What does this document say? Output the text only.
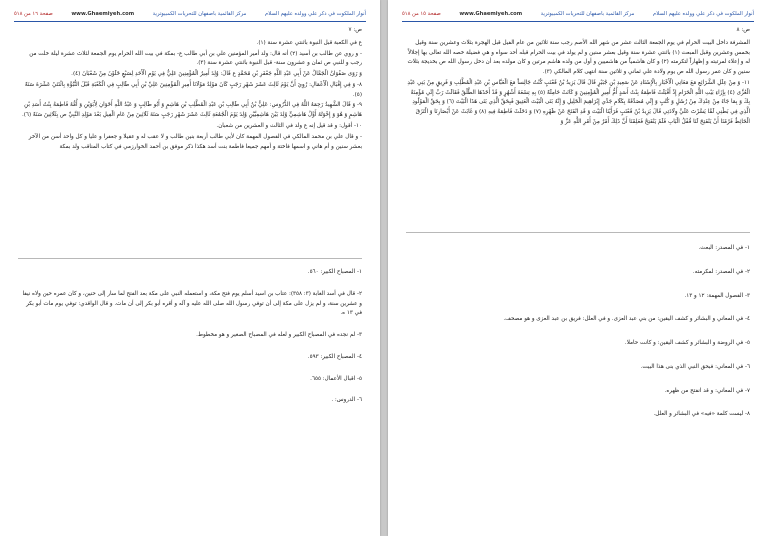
صفحة ١٦ من ٥١٨	www.Ghaemiyeh.com	مركز القائمية باصفهان للتحريات الكمبيوترية	أنوار الملكوت في ذكر علي وولده عليهم السلام

ص: ٧

ع في الكعبة قبل النبوة باثنتي عشرة سنة (١).

- و روي عن طالب بن أسيد (٢) أنه قال: ولد أمير المؤمنين علي بن أبي طالب ع- بمكة في بيت الله الحرام يوم الجمعة لثلاث عشرة ليلة خلت من رجب و للنبي ص ثمان و عشرون سنة- قبل النبوة باثنتي عشرة سنة (٣).

وَ رَوَى صَفْوَانُ الْجَمَّالُ عَنْ أَبِي عَبْدِ اللَّهِ جَعْفَرِ بْنِ مُحَمَّدٍ ع قَالَ: وُلِدَ أَمِيرُ الْمُؤْمِنِينَ عَلِيٌّ فِي يَوْمِ الْأَحَدِ لِسَبْعٍ خَلَوْنَ مِنْ شَعْبَانَ (٤).

٨- وَ فِي إِقْبَالِ الْأَعْمَالِ: رُوِيَ أَنَّ يَوْمَ ثَالِثَ عَشَرَ شَهْرِ رَجَبٍ كَانَ مَوْلِدُ مَوْلَانَا أَمِيرِ الْمُؤْمِنِينَ عَلِيِّ بْنِ أَبِي طَالِبٍ فِي الْكَعْبَةِ قَبْلَ النُّبُوَّةِ بِاثْنَتَيْ عَشْرَةَ سَنَةً (٥).

٩- وَ قَالَ الشَّهِيدُ رَحِمَهُ اللَّهُ فِي الدُّرُوسِ: عَلِيُّ بْنُ أَبِي طَالِبِ بْنِ عَبْدِ الْمُطَّلِبِ بْنِ هَاشِمٍ وَ أَبُو طَالِبٍ وَ عَبْدُ اللَّهِ أَخَوَانِ لِأَبَوَيْنِ وَ أُمُّهُ فَاطِمَةُ بِنْتُ أَسَدِ بْنِ هَاشِمٍ وَ هُوَ وَ إِخْوَتُهُ أَوَّلُ هَاشِمِيٍّ وُلِدَ بَيْنَ هَاشِمِيَّيْنِ وُلِدَ يَوْمَ الْجُمُعَةِ ثَالِثَ عَشَرَ شَهْرِ رَجَبٍ سَنَةَ ثَلَاثِينَ مِنْ عَامِ الْفِيلِ بَعْدَ مَوْلِدِ النَّبِيِّ ص بِثَلَاثِينَ سَنَةً (٦).

١٠- أقول: و قد قيل إنه ع ولد في الثالث و العشرين من شعبان.

- و قال علي بن محمد المالكي في الفصول المهمة كان لأبي طالب أربعة بنين طالب و لا عقب له و عقيلا و جعفرا و عليا و كل واحد أسن من الآخر بعشر سنين و أم هاني و اسمها فاختة و أمهم جميعا فاطمة بنت أسد هكذا ذكر موفق بن أحمد الخوارزمي في كتاب المناقب ولد بمكة

١- المصباح الكبير: ٥٦٠.

٢- قال في أسد الغابة (٣: ٣٥٨): عتاب بن اسيد أسلم يوم فتح مكة، و استعمله النبي على مكة بعد الفتح لما سار إلى حنين، و كان عمره حين ولاه نيفا و عشرين سنة، و لم يزل على مكة إلى أن توفي رسول الله صلى الله عليه و آله و أقره أبو بكر إلى أن مات. و قال الواقدي: توفي يوم مات أبو بكر في ١٣ ه.

٣- لم نجده في المصباح الكبير و لعله في المصباح الصغير و هو مخطوط.

٤- المصباح الكبير: ٥٩٣.

٥- اقبال الأعمال: ٦٥٥.

٦- الدروس: .

صفحة ١٥ من ٥١٨	www.Ghaemiyeh.com	مركز القائمية باصفهان للتحريات الكمبيوترية	أنوار الملكوت في ذكر علي وولده عليهم السلام

ص: ٨

المشرفة داخل البيت الحرام في يوم الجمعة الثالث عشر من شهر الله الأصم رجب سنة ثلاثين من عام الفيل قبل الهجرة بثلاث وعشرين سنة وقيل بخمس وعشرين وقبل المبعث (١) باثنتي عشرة سنة وقيل بعشر سنين و لم يولد في بيت الحرام قبله أحد سواه و هي فضيلة خصه الله تعالى بها إجلالاً له و إعلاء لمرتبته و إظهاراً لتكرمته (٢) و كان هاشمياً من هاشميين و أول من ولده هاشم مرتين و كان مولده بعد أن دخل رسول الله ص بخديجة بثلاث سنين و كان عمر رسول الله ص يوم ولادة علي ثماني و ثلاثين سنة انتهى كلام المالكي (٣).

١١- وَ مِنْ عِلَلِ الشَّرَائِعِ مَعَ مَعَانِي الْأَخْبَارِ بِالْإِسْنَادِ عَنْ سَعِيدِ بْنِ جُبَيْرٍ قَالَ قَالَ يَزِيدُ بْنُ قَعْنَبٍ كُنْتُ جَالِساً مَعَ الْعَبَّاسِ بْنِ عَبْدِ الْمُطَّلِبِ وَ فَرِيقٍ مِنْ بَنِي عَبْدِ الْعُزَّى (٤) بِإِزَاءِ بَيْتِ اللَّهِ الْحَرَامِ إِذْ أَقْبَلَتْ فَاطِمَةُ بِنْتُ أَسَدٍ أُمُّ أَمِيرِ الْمُؤْمِنِينَ وَ كَانَتْ حَامِلَةً (٥) بِهِ تِسْعَةَ أَشْهُرٍ وَ قَدْ أَخَذَهَا الطَّلْقُ فَقَالَتْ رَبِّ إِنِّي مُؤْمِنَةٌ بِكَ وَ بِمَا جَاءَ مِنْ عِنْدِكَ مِنْ رُسُلٍ وَ كُتُبٍ وَ إِنِّي مُصَدِّقَةٌ بِكَلَامِ جَدِّي إِبْرَاهِيمَ الْخَلِيلِ وَ إِنَّهُ بَنَى الْبَيْتَ الْعَتِيقَ فَبِحَقِّ الَّذِي بَنَى هَذَا الْبَيْتَ (٦) وَ بِحَقِّ الْمَوْلُودِ الَّذِي فِي بَطْنِي لَمَّا يَسَّرْتَ عَلَيَّ وِلَادَتِي قَالَ يَزِيدُ بْنُ قَعْنَبٍ فَرَأَيْنَا الْبَيْتَ وَ قَدِ انْفَتَحَ عَنْ ظَهْرِهِ (٧) وَ دَخَلَتْ فَاطِمَةُ فِيهِ (٨) وَ غَابَتْ عَنْ أَبْصَارِنَا وَ الْتَزَقَ الْحَائِطُ فَرُمْنَا أَنْ يَنْفَتِحَ لَنَا قُفْلُ الْبَابِ فَلَمْ يَنْفَتِحْ فَعَلِمْنَا أَنَّ ذَلِكَ أَمْرٌ مِنْ أَمْرِ اللَّهِ عَزَّ وَ

١- في المصدر: البعث.

٢- في المصدر: لمكرمته.

٣- الفصول المهمة: ١٢ و ١٣.

٤- في المعاني و البشائر و كشف اليقين: من بني عبد العزى. و في العلل: فريق بن عبد العزى و هو مصحف.

٥- في الروضة و البشائر و كشف اليقين: و كانت حاملا.

٦- في المعاني: فبحق النبي الذي بنى هذا البيت.

٧- في المعاني: و قد انفتح من ظهره.

٨- ليست كلمة «فيه» في البشائر و العلل.
